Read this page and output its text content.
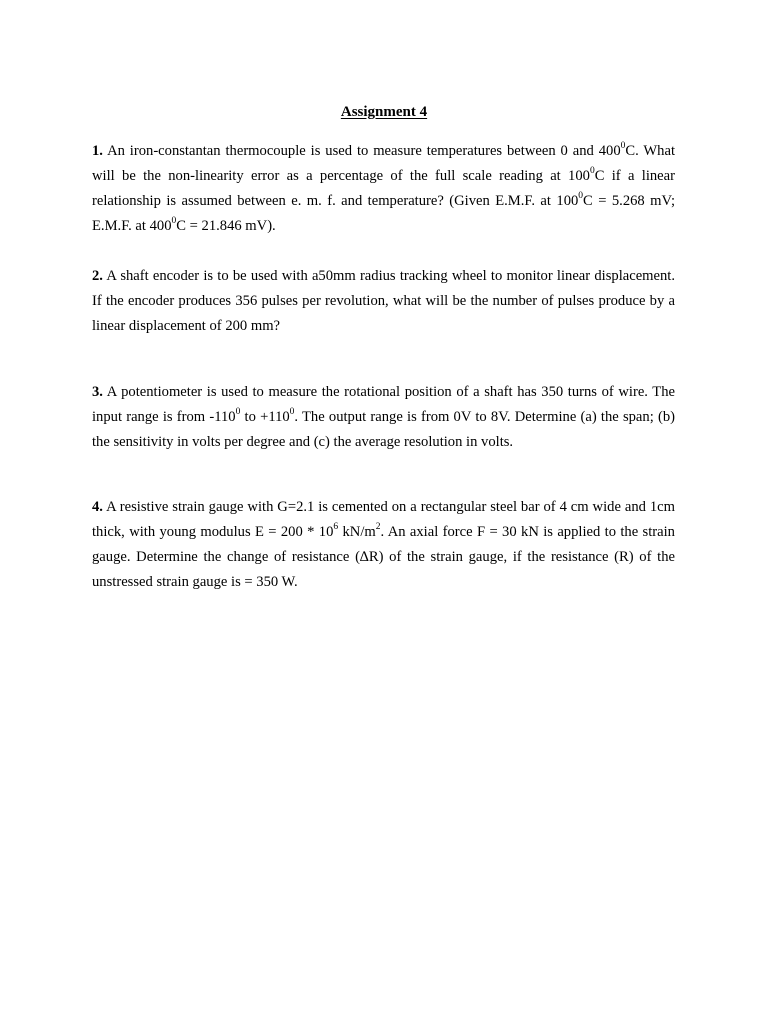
Assignment 4

1. An iron-constantan thermocouple is used to measure temperatures between 0 and $400^0C$. What will be the non-linearity error as a percentage of the full scale reading at $100^0C$ if a linear relationship is assumed between e. m. f. and temperature? (Given E.M.F. at $100^0C = 5.268$ mV; E.M.F. at $400^0C = 21.846$ mV).

2. A shaft encoder is to be used with a50mm radius tracking wheel to monitor linear displacement. If the encoder produces 356 pulses per revolution, what will be the number of pulses produce by a linear displacement of 200 mm?

3. A potentiometer is used to measure the rotational position of a shaft has 350 turns of wire. The input range is from $-110^0$ to $+110^0$. The output range is from 0V to 8V. Determine (a) the span; (b) the sensitivity in volts per degree and (c) the average resolution in volts.

4. A resistive strain gauge with G=2.1 is cemented on a rectangular steel bar of 4 cm wide and 1cm thick, with young modulus $E = 200 * 10^6$ $kN/m^2$. An axial force F = 30 kN is applied to the strain gauge. Determine the change of resistance (∆R) of the strain gauge, if the resistance (R) of the unstressed strain gauge is = 350 W.
